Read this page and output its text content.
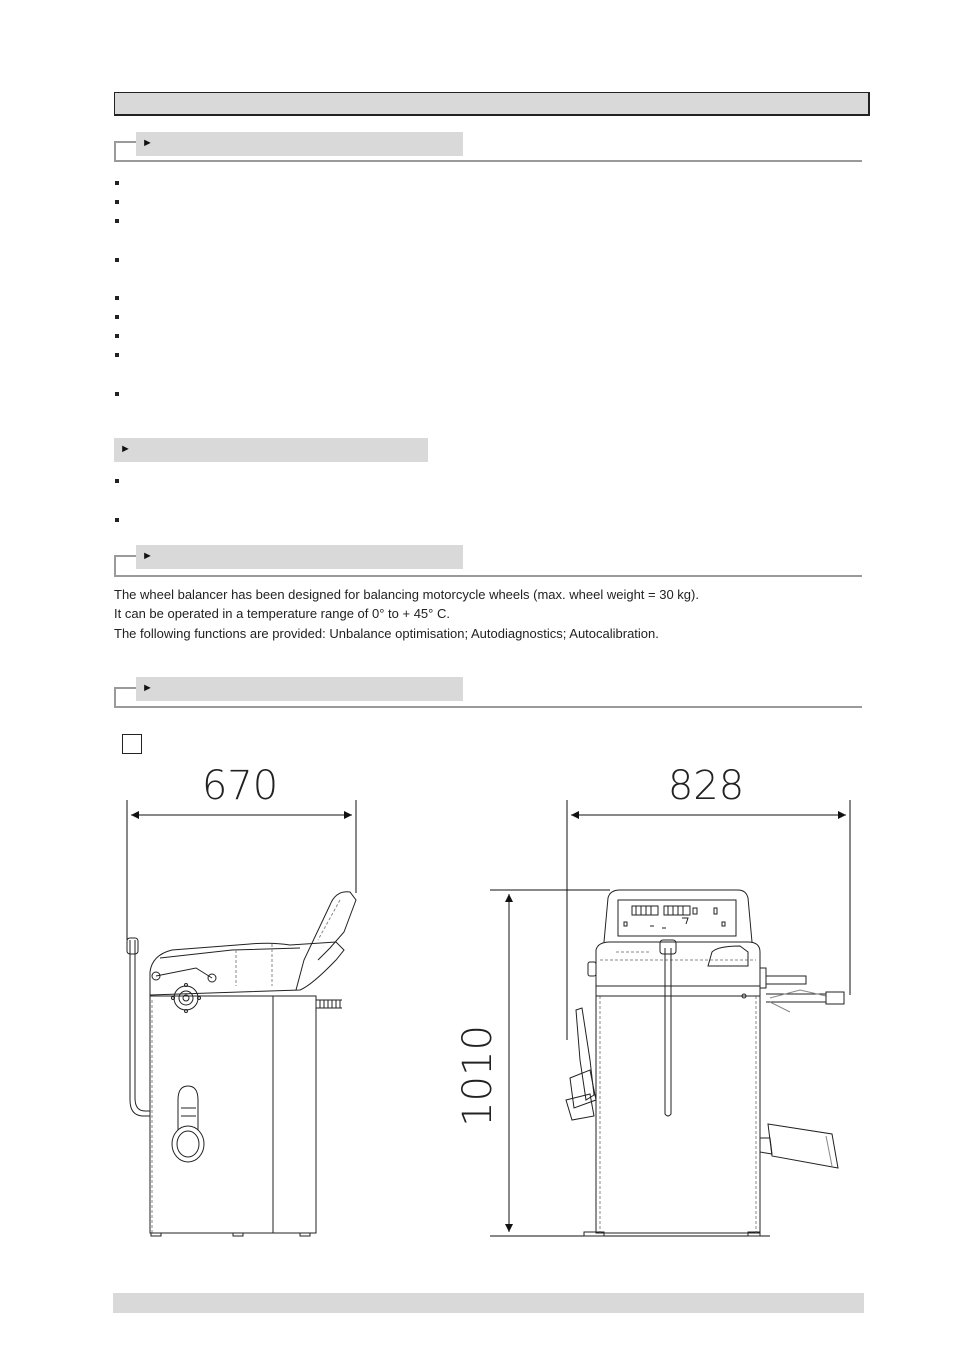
►
►
►
The wheel balancer has been designed for balancing motorcycle wheels (max. wheel weight = 30 kg).
It can be operated in a temperature range of 0° to + 45° C.
The following functions are provided: Unbalance optimisation; Autodiagnostics; Autocalibration.
►
670	828
1010
